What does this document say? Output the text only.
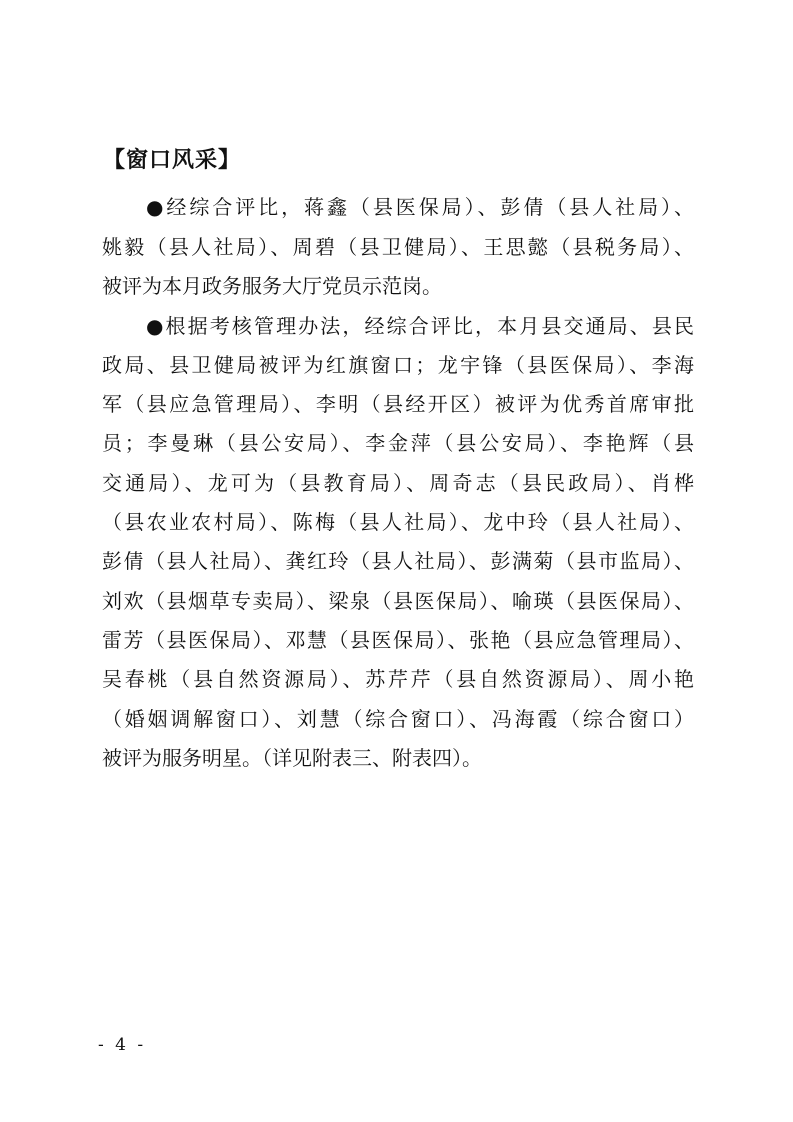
【窗口风采】
●经综合评比，蒋鑫（县医保局）、彭倩（县人社局）、
姚毅（县人社局）、周碧（县卫健局）、王思懿（县税务局）、
被评为本月政务服务大厅党员示范岗。
●根据考核管理办法，经综合评比，本月县交通局、县民
政局、县卫健局被评为红旗窗口；龙宇锋（县医保局）、李海
军（县应急管理局）、李明（县经开区）被评为优秀首席审批
员；李曼琳（县公安局）、李金萍（县公安局）、李艳辉（县
交通局）、龙可为（县教育局）、周奇志（县民政局）、肖桦
（县农业农村局）、陈梅（县人社局）、龙中玲（县人社局）、
彭倩（县人社局）、龚红玲（县人社局）、彭满菊（县市监局）、
刘欢（县烟草专卖局）、梁泉（县医保局）、喻瑛（县医保局）、
雷芳（县医保局）、邓慧（县医保局）、张艳（县应急管理局）、
吴春桃（县自然资源局）、苏芹芹（县自然资源局）、周小艳
（婚姻调解窗口）、刘慧（综合窗口）、冯海霞（综合窗口）
被评为服务明星。（详见附表三、附表四）。
- 4 -
